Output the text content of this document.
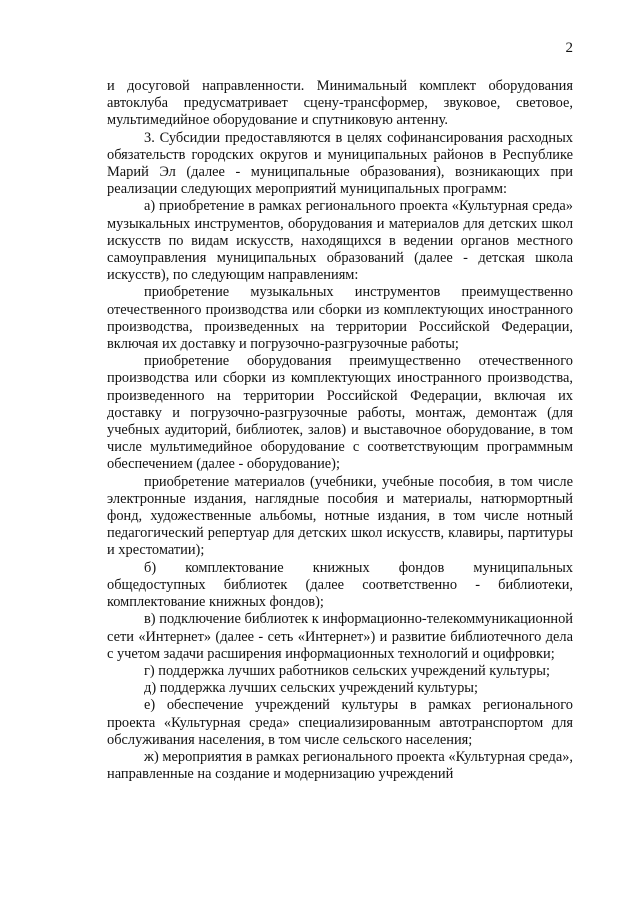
2

и досуговой направленности. Минимальный комплект оборудования автоклуба предусматривает сцену-трансформер, звуковое, световое, мультимедийное оборудование и спутниковую антенну.

3. Субсидии предоставляются в целях софинансирования расходных обязательств городских округов и муниципальных районов в Республике Марий Эл (далее - муниципальные образования), возникающих при реализации следующих мероприятий муниципальных программ:

а) приобретение в рамках регионального проекта «Культурная среда» музыкальных инструментов, оборудования и материалов для детских школ искусств по видам искусств, находящихся в ведении органов местного самоуправления муниципальных образований (далее - детская школа искусств), по следующим направлениям:

приобретение музыкальных инструментов преимущественно отечественного производства или сборки из комплектующих иностранного производства, произведенных на территории Российской Федерации, включая их доставку и погрузочно-разгрузочные работы;

приобретение оборудования преимущественно отечественного производства или сборки из комплектующих иностранного производства, произведенного на территории Российской Федерации, включая их доставку и погрузочно-разгрузочные работы, монтаж, демонтаж (для учебных аудиторий, библиотек, залов) и выставочное оборудование, в том числе мультимедийное оборудование с соответствующим программным обеспечением (далее - оборудование);

приобретение материалов (учебники, учебные пособия, в том числе электронные издания, наглядные пособия и материалы, натюрмортный фонд, художественные альбомы, нотные издания, в том числе нотный педагогический репертуар для детских школ искусств, клавиры, партитуры и хрестоматии);

б) комплектование книжных фондов муниципальных общедоступных библиотек (далее соответственно - библиотеки, комплектование книжных фондов);

в) подключение библиотек к информационно-телекоммуникационной сети «Интернет» (далее - сеть «Интернет») и развитие библиотечного дела с учетом задачи расширения информационных технологий и оцифровки;

г) поддержка лучших работников сельских учреждений культуры;

д) поддержка лучших сельских учреждений культуры;

е) обеспечение учреждений культуры в рамках регионального проекта «Культурная среда» специализированным автотранспортом для обслуживания населения, в том числе сельского населения;

ж) мероприятия в рамках регионального проекта «Культурная среда», направленные на создание и модернизацию учреждений
